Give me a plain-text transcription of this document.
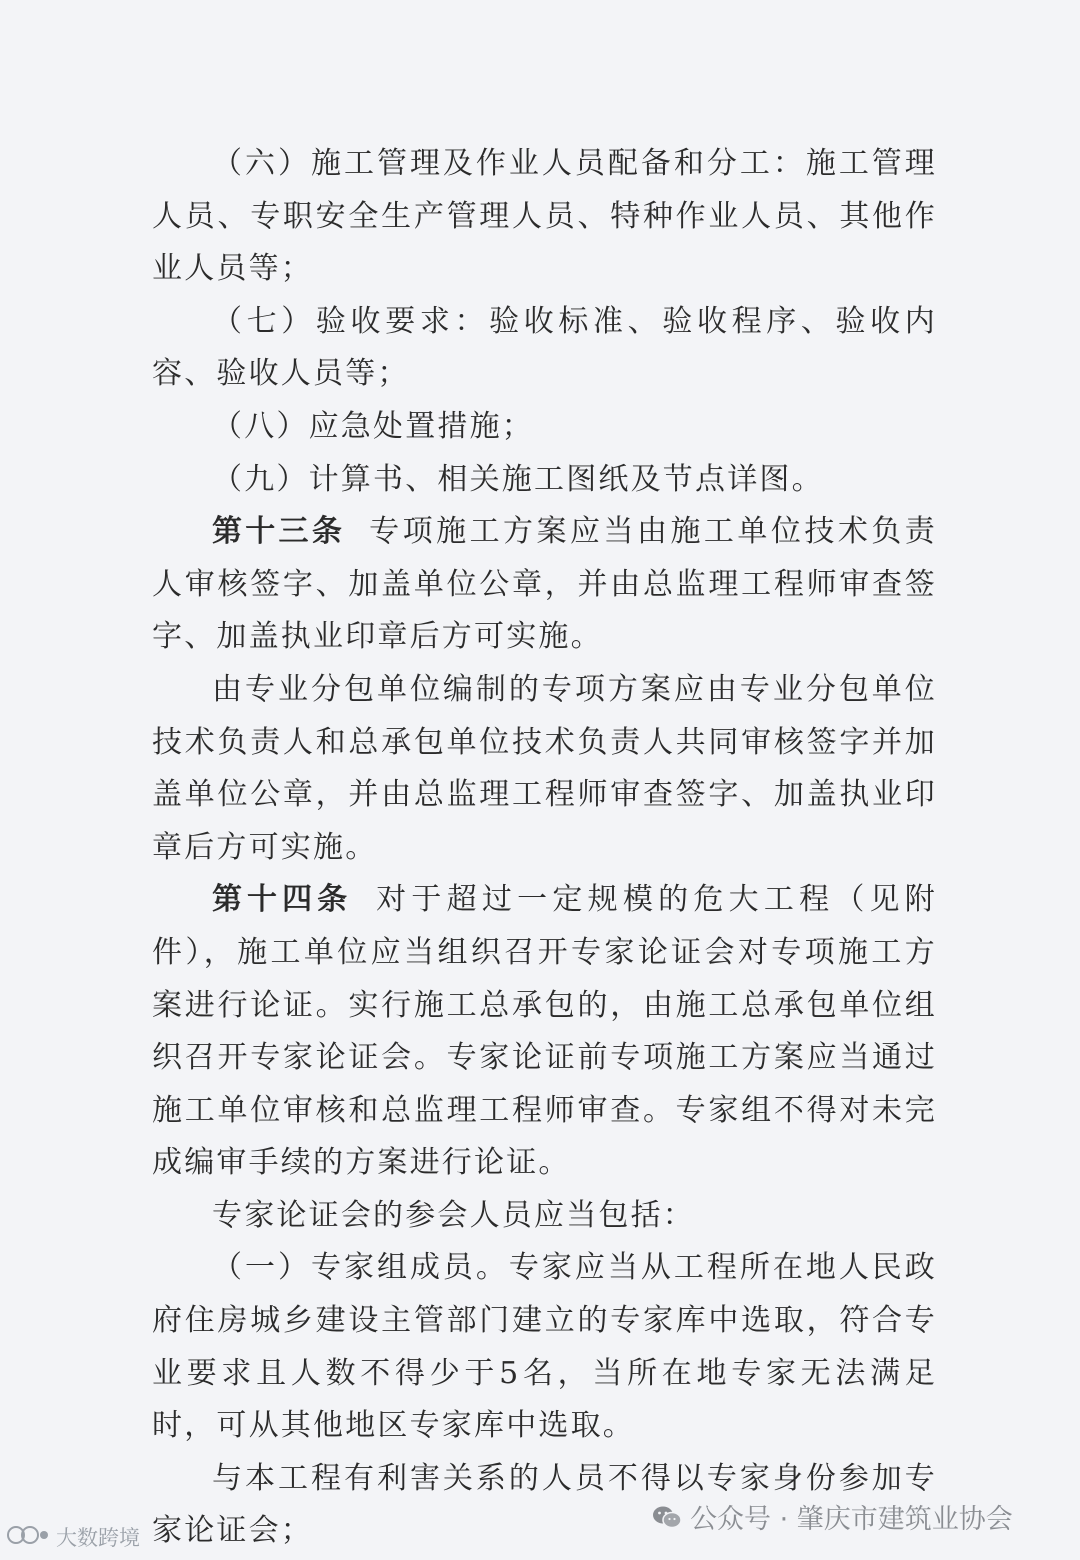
（六）施工管理及作业人员配备和分工：施工管理人员、专职安全生产管理人员、特种作业人员、其他作业人员等；

（七）验收要求：验收标准、验收程序、验收内容、验收人员等；

（八）应急处置措施；

（九）计算书、相关施工图纸及节点详图。

第十三条 专项施工方案应当由施工单位技术负责人审核签字、加盖单位公章，并由总监理工程师审查签字、加盖执业印章后方可实施。

由专业分包单位编制的专项方案应由专业分包单位技术负责人和总承包单位技术负责人共同审核签字并加盖单位公章，并由总监理工程师审查签字、加盖执业印章后方可实施。

第十四条 对于超过一定规模的危大工程（见附件），施工单位应当组织召开专家论证会对专项施工方案进行论证。实行施工总承包的，由施工总承包单位组织召开专家论证会。专家论证前专项施工方案应当通过施工单位审核和总监理工程师审查。专家组不得对未完成编审手续的方案进行论证。

专家论证会的参会人员应当包括：

（一）专家组成员。专家应当从工程所在地人民政府住房城乡建设主管部门建立的专家库中选取，符合专业要求且人数不得少于5名，当所在地专家无法满足时，可从其他地区专家库中选取。

与本工程有利害关系的人员不得以专家身份参加专家论证会；	公众号 · 肇庆市建筑业协会
大数跨境
